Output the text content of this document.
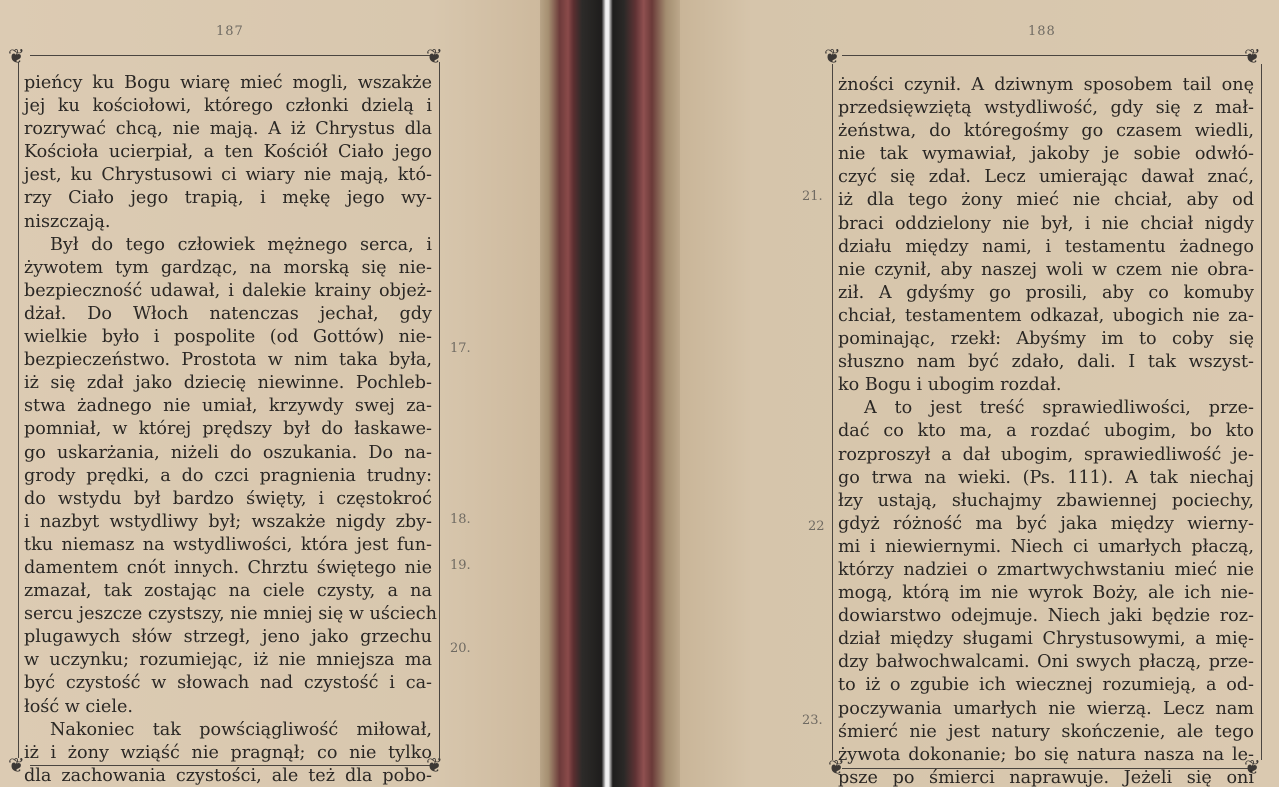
187
❦	❦
❦	❦
pieńcy ku Bogu wiarę mieć mogli, wszakże
jej ku kościołowi, którego członki dzielą i
rozrywać chcą, nie mają. A iż Chrystus dla
Kościoła ucierpiał, a ten Kościół Ciało jego
jest, ku Chrystusowi ci wiary nie mają, któ-
rzy Ciało jego trapią, i mękę jego wy-
niszczają.
Był do tego człowiek mężnego serca, i
żywotem tym gardząc, na morską się nie-
bezpieczność udawał, i dalekie krainy objeż-
dżał. Do Włoch natenczas jechał, gdy
wielkie było i pospolite (od Gottów) nie-
bezpieczeństwo. Prostota w nim taka była,
iż się zdał jako dziecię niewinne. Pochleb-
stwa żadnego nie umiał, krzywdy swej za-
pomniał, w której prędszy był do łaskawe-
go uskarżania, niżeli do oszukania. Do na-
grody prędki, a do czci pragnienia trudny:
do wstydu był bardzo święty, i częstokroć
i nazbyt wstydliwy był; wszakże nigdy zby-
tku niemasz na wstydliwości, która jest fun-
damentem cnót innych. Chrztu świętego nie
zmazał, tak zostając na ciele czysty, a na
sercu jeszcze czystszy, nie mniej się w uściech
plugawych słów strzegł, jeno jako grzechu
w uczynku; rozumiejąc, iż nie mniejsza ma
być czystość w słowach nad czystość i ca-
łość w ciele.
Nakoniec tak powściągliwość miłował,
iż i żony wziąść nie pragnął; co nie tylko
dla zachowania czystości, ale też dla pobo-
17.
18.
19.
20.
188
❦	❦
❦	❦
żności czynił. A dziwnym sposobem tail onę
przedsięwziętą wstydliwość, gdy się z mał-
żeństwa, do któregośmy go czasem wiedli,
nie tak wymawiał, jakoby je sobie odwłó-
czyć się zdał. Lecz umierając dawał znać,
iż dla tego żony mieć nie chciał, aby od
braci oddzielony nie był, i nie chciał nigdy
działu między nami, i testamentu żadnego
nie czynił, aby naszej woli w czem nie obra-
ził. A gdyśmy go prosili, aby co komuby
chciał, testamentem odkazał, ubogich nie za-
pominając, rzekł: Abyśmy im to coby się
słuszno nam być zdało, dali. I tak wszyst-
ko Bogu i ubogim rozdał.
A to jest treść sprawiedliwości, prze-
dać co kto ma, a rozdać ubogim, bo kto
rozproszył a dał ubogim, sprawiedliwość je-
go trwa na wieki. (Ps. 111). A tak niechaj
łzy ustają, słuchajmy zbawiennej pociechy,
gdyż różność ma być jaka między wierny-
mi i niewiernymi. Niech ci umarłych płaczą,
którzy nadziei o zmartwychwstaniu mieć nie
mogą, którą im nie wyrok Boży, ale ich nie-
dowiarstwo odejmuje. Niech jaki będzie roz-
dział między sługami Chrystusowymi, a mię-
dzy bałwochwalcami. Oni swych płaczą, prze-
to iż o zgubie ich wiecznej rozumieją, a od-
poczywania umarłych nie wierzą. Lecz nam
śmierć nie jest natury skończenie, ale tego
żywota dokonanie; bo się natura nasza na le-
psze po śmierci naprawuje. Jeżeli się oni
21.
22
23.
